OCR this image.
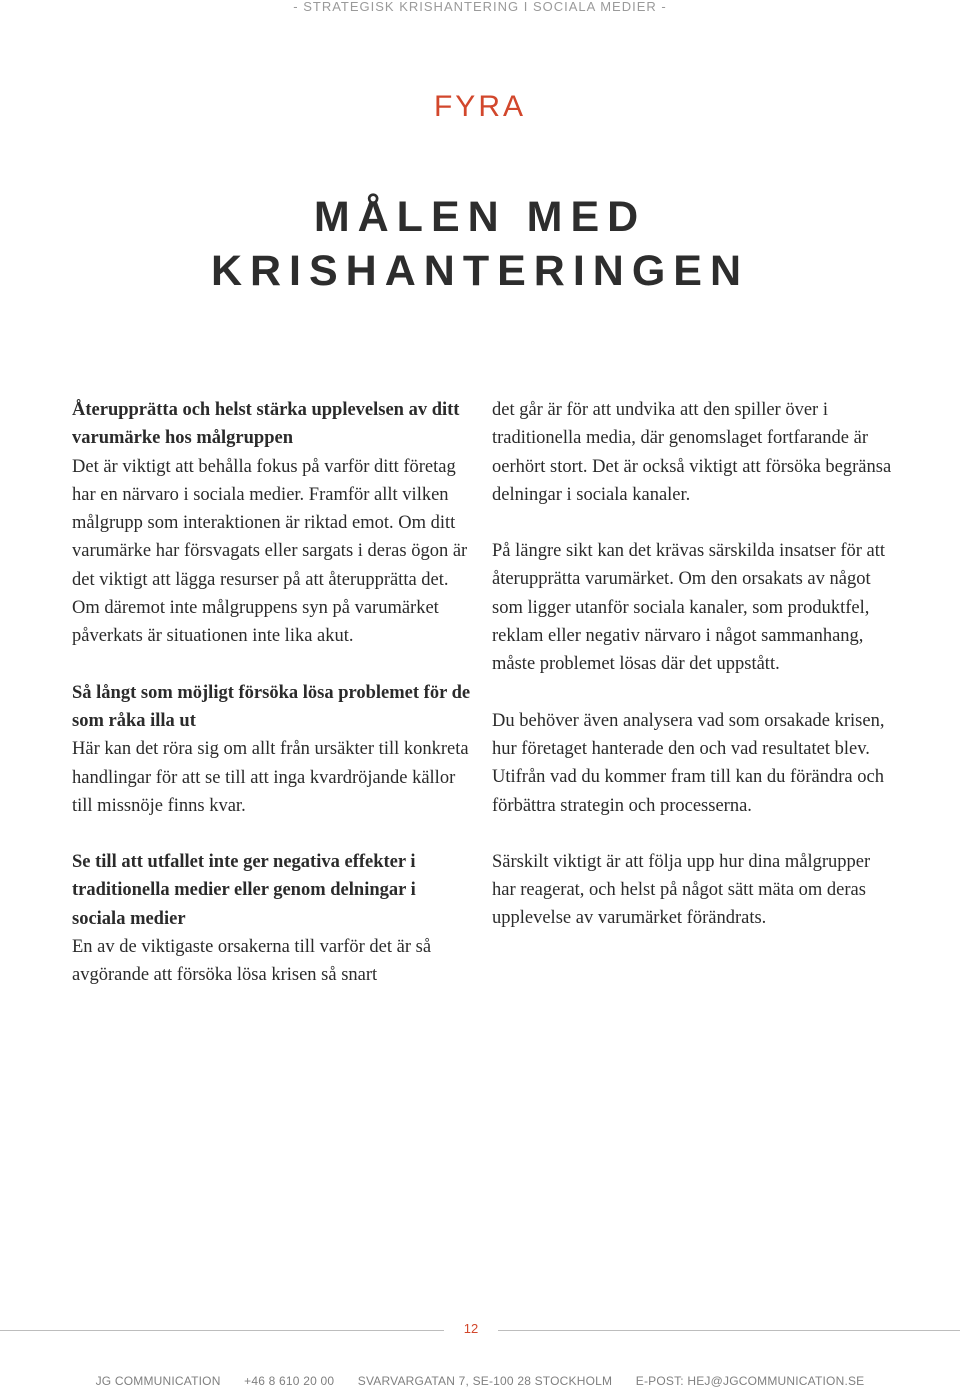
- STRATEGISK KRISHANTERING I SOCIALA MEDIER -
FYRA
MÅLEN MED
KRISHANTERINGEN

Återupprätta och helst stärka upplevelsen av ditt varumärke hos målgruppen
Det är viktigt att behålla fokus på varför ditt företag har en närvaro i sociala medier. Framför allt vilken målgrupp som interaktionen är riktad emot. Om ditt varumärke har försvagats eller sargats i deras ögon är det viktigt att lägga resurser på att återupprätta det. Om däremot inte målgruppens syn på varumärket påverkats är situationen inte lika akut.

Så långt som möjligt försöka lösa problemet för de som råka illa ut
Här kan det röra sig om allt från ursäkter till konkreta handlingar för att se till att inga kvardröjande källor till missnöje finns kvar.

Se till att utfallet inte ger negativa effekter i traditionella medier eller genom delningar i sociala medier
En av de viktigaste orsakerna till varför det är så avgörande att försöka lösa krisen så snart

det går är för att undvika att den spiller över i traditionella media, där genomslaget fortfarande är oerhört stort. Det är också viktigt att försöka begränsa delningar i sociala kanaler.

På längre sikt kan det krävas särskilda insatser för att återupprätta varumärket. Om den orsakats av något som ligger utanför sociala kanaler, som produktfel, reklam eller negativ närvaro i något sammanhang, måste problemet lösas där det uppstått.

Du behöver även analysera vad som orsakade krisen, hur företaget hanterade den och vad resultatet blev. Utifrån vad du kommer fram till kan du förändra och förbättra strategin och processerna.

Särskilt viktigt är att följa upp hur dina målgrupper har reagerat, och helst på något sätt mäta om deras upplevelse av varumärket förändrats.

12
JG COMMUNICATION +46 8 610 20 00 SVARVARGATAN 7, SE-100 28 STOCKHOLM E-POST: HEJ@JGCOMMUNICATION.SE
